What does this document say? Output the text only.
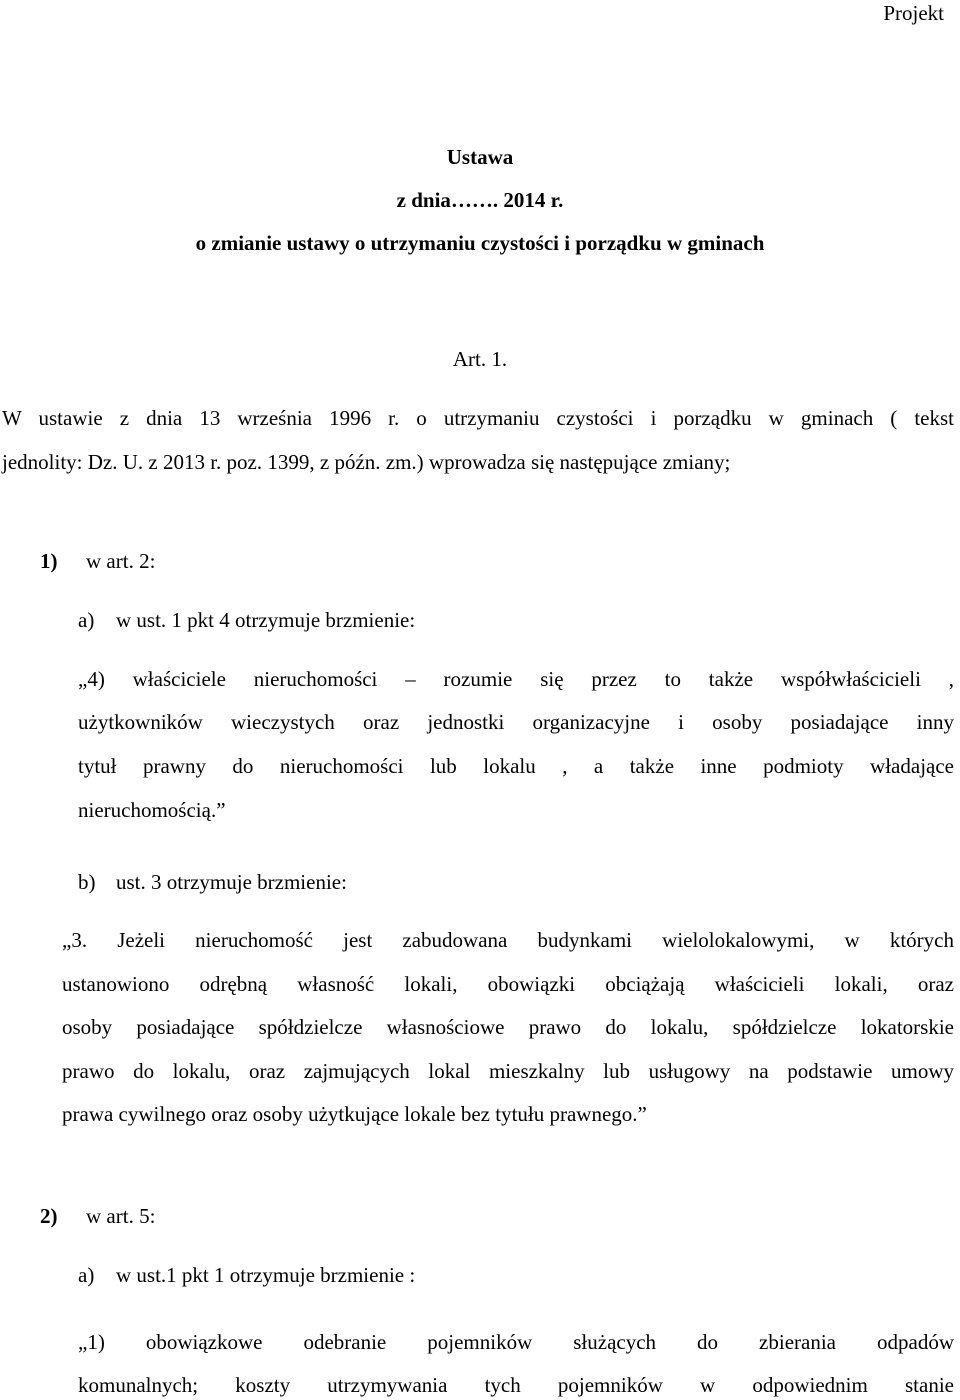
Projekt
Ustawa
z dnia……. 2014 r.
o zmianie ustawy o utrzymaniu czystości i porządku w gminach
Art. 1.
W ustawie z dnia 13 września 1996 r. o utrzymaniu czystości i porządku w gminach ( tekst
jednolity: Dz. U. z 2013 r. poz. 1399, z późn. zm.) wprowadza się następujące zmiany;
1) w art. 2:
a) w ust. 1 pkt 4 otrzymuje brzmienie:
„4) właściciele nieruchomości – rozumie się przez to także współwłaścicieli ,
użytkowników wieczystych oraz jednostki organizacyjne i osoby posiadające inny
tytuł prawny do nieruchomości lub lokalu , a także inne podmioty władające
nieruchomością.”
b) ust. 3 otrzymuje brzmienie:
„3. Jeżeli nieruchomość jest zabudowana budynkami wielolokalowymi, w których
ustanowiono odrębną własność lokali, obowiązki obciążają właścicieli lokali, oraz
osoby posiadające spółdzielcze własnościowe prawo do lokalu, spółdzielcze lokatorskie
prawo do lokalu, oraz zajmujących lokal mieszkalny lub usługowy na podstawie umowy
prawa cywilnego oraz osoby użytkujące lokale bez tytułu prawnego.”
2) w art. 5:
a) w ust.1 pkt 1 otrzymuje brzmienie :
„1) obowiązkowe odebranie pojemników służących do zbierania odpadów
komunalnych; koszty utrzymywania tych pojemników w odpowiednim stanie
